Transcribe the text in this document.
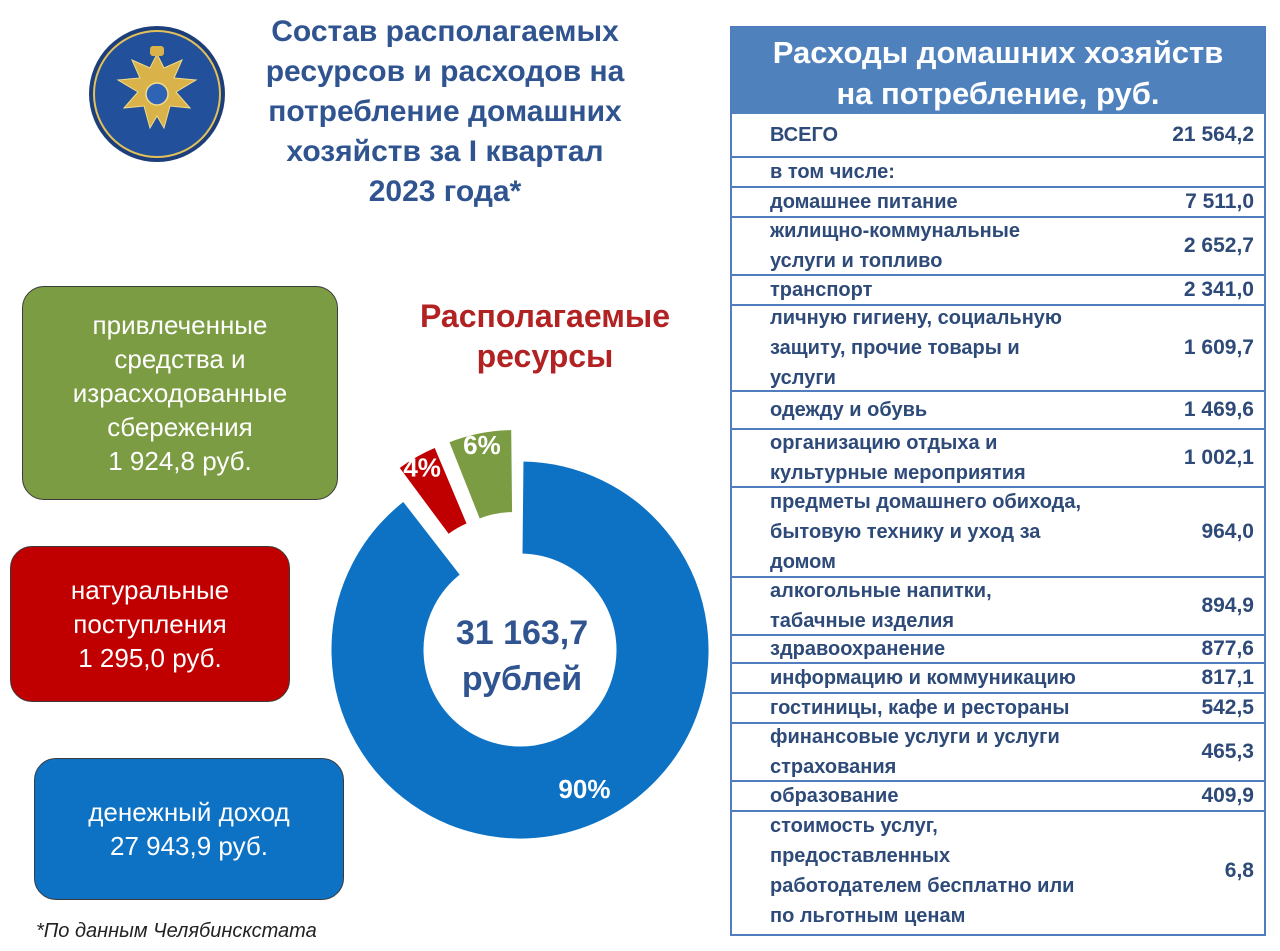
Состав располагаемых
ресурсов и расходов на
потребление домашних
хозяйств за I квартал
2023 года*
Располагаемые
ресурсы
привлеченные
средства и
израсходованные
сбережения
1 924,8 руб.
натуральные
поступления
1 295,0 руб.
денежный доход
27 943,9 руб.
90%
4%
6%
31 163,7
рублей
*По данным Челябинскстата
Расходы домашних хозяйств
на потребление, руб.
ВСЕГО	21 564,2
в том числе:
домашнее питание	7 511,0
жилищно-коммунальные
услуги и топливо
2 652,7
транспорт	2 341,0
личную гигиену, социальную
защиту, прочие товары и
услуги
1 609,7
одежду и обувь	1 469,6
организацию отдыха и
культурные мероприятия
1 002,1
предметы домашнего обихода,
бытовую технику и уход за
домом
964,0
алкогольные напитки,
табачные изделия
894,9
здравоохранение	877,6
информацию и коммуникацию	817,1
гостиницы, кафе и рестораны	542,5
финансовые услуги и услуги
страхования
465,3
образование	409,9
стоимость услуг,
предоставленных
работодателем бесплатно или
по льготным ценам
6,8
